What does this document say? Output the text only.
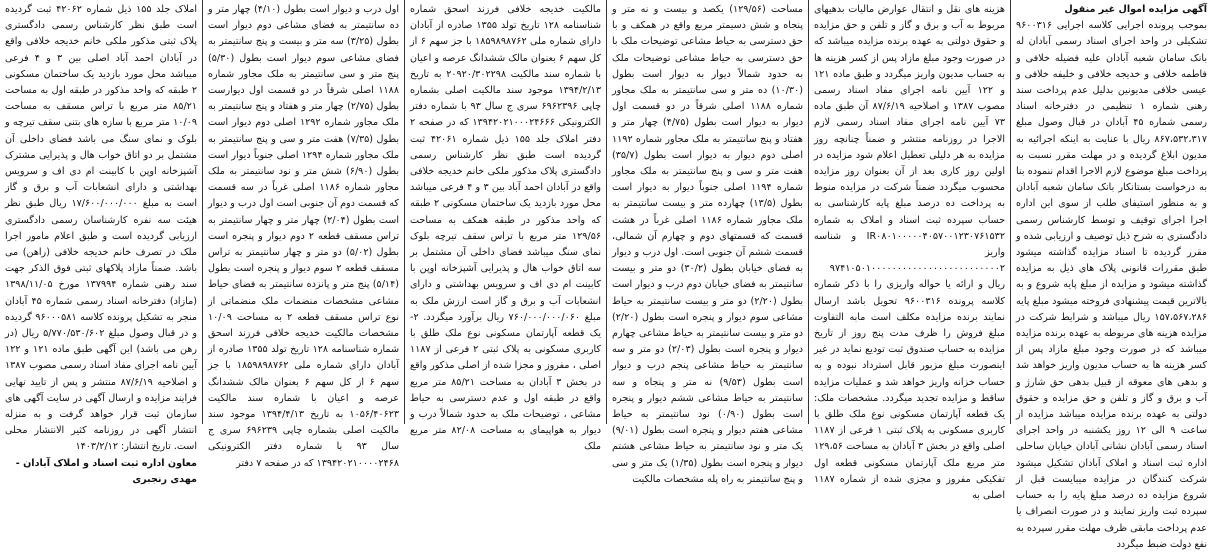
آگهی مزایده اموال غیر منقول
بموجب پرونده اجرایی کلاسه اجرایی ۹۶۰۰۳۱۶ تشکیلی در واحد اجرای اسناد رسمی آبادان له بانک سامان شعبه آبادان علیه فضیله خلافی و فاطمه خلافی و خدیجه خلافی و خلیفه خلافی و عیسی خلافی مدیونین بدلیل عدم پرداخت سند رهنی شماره ۱ تنظیمی در دفترخانه اسناد رسمی شماره ۴۵ آبادان در قبال وصول مبلغ ۸۶۷،۵۳۲،۳۱۷ ریال با عنایت به اینکه اجرائیه به مدیون ابلاغ گردیده و در مهلت مقرر نسبت به پرداخت مبلغ موضوع لازم الاجرا اقدام ننموده بنا به درخواست بستانکار بانک سامان شعبه آبادان و به منظور استیفای طلب از سوی این اداره اجرا اجرای توقیف و توسط کارشناس رسمی دادگستری به شرح ذیل توصیف و ارزیابی شده و مقرر گردیده تا اسناد مزایده گذاشته میشود طبق مقررات قانونی پلاک های ذیل به مزایده گذاشته میشود و مزایده از مبلغ پایه شروع و به بالاترین قیمت پیشنهادی فروخته میشود مبلغ پایه ۱۵۷،۵۶۷،۲۸۶ ریال میباشد و شرایط شرکت در مزایده هزینه های مربوطه به عهده برنده مزایده میباشد که در صورت وجود مبلغ مازاد پس از کسر هزینه ها به حساب مدیون واریز خواهد شد و بدهی های معوقه از قبیل بدهی حق شارژ و آب و برق و گاز و تلفن و حق مزایده و حقوق دولتی به عهده برنده مزایده میباشد مزایده از ساعت ۹ الی ۱۲ روز یکشنبه در واحد اجرای اسناد رسمی آبادان نشانی آبادان خیابان ساحلی اداره ثبت اسناد و املاک آبادان تشکیل میشود شرکت کنندگان در مزایده میبایست قبل از شروع مزایده ده درصد مبلغ پایه را به حساب سپرده ثبت واریز نمایند و در صورت انصراف یا عدم پرداخت مابقی ظرف مهلت مقرر سپرده به نفع دولت ضبط میگردد

هزینه های نقل و انتقال عوارض مالیات بدهیهای مربوط به آب و برق و گاز و تلفن و حق مزایده و حقوق دولتی به عهده برنده مزایده میباشد که در صورت وجود مبلغ مازاد پس از کسر هزینه ها به حساب مدیون واریز میگردد و طبق ماده ۱۲۱ و ۱۲۲ آیین نامه اجرای مفاد اسناد رسمی مصوب ۱۳۸۷ و اصلاحیه ۸۷/۶/۱۹ آن طبق ماده ۷۳ آیین نامه اجرای مفاد اسناد رسمی لازم الاجرا در روزنامه منتشر و ضمناً چنانچه روز مزایده به هر دلیلی تعطیل اعلام شود مزایده در اولین روز کاری بعد از آن بعنوان روز مزایده محسوب میگردد ضمناً شرکت در مزایده منوط به پرداخت ده درصد مبلغ پایه کارشناسی به حساب سپرده ثبت اسناد و املاک به شماره IR۰۸۰۱۰۰۰۰۰۴۰۵۷۰۰۱۲۳۰۷۶۱۵۳۲ و شناسه واریز ۹۷۴۱۰۵۰۱۰۰۰۰۰۰۰۰۰۰۰۰۰۰۰۰۰۰۰۰۰۰۰۰۰۲ ریال و ارائه یا حواله واریزی را با ذکر شماره کلاسه پرونده ۹۶۰۰۳۱۶ تحویل باشد ارسال نمایند برنده مزایده مکلف است مابه التفاوت مبلغ فروش را ظرف مدت پنج روز از تاریخ مزایده به حساب صندوق ثبت تودیع نماید در غیر اینصورت مبلغ مزبور قابل استرداد نبوده و به حساب خزانه واریز خواهد شد و عملیات مزایده ساقط و مزایده تجدید میگردد. مشخصات ملک: یک قطعه آپارتمان مسکونی نوع ملک طلق با کاربری مسکونی به پلاک ثبتی ۱ فرعی از ۱۱۸۷ اصلی واقع در بخش ۳ آبادان به مساحت ۱۲۹،۵۶ متر مربع ملک آپارتمان مسکونی قطعه اول تفکیکی مفروز و مجزی شده از شماره ۱۱۸۷ اصلی به

مساحت (۱۲۹/۵۶) یکصد و بیست و نه متر و پنجاه و شش دسیمتر مربع واقع در همکف و با حق دسترسی به حیاط مشاعی توضیحات ملک با حق دسترسی به حیاط مشاعی توضیحات ملک به حدود شمالاً دیوار به دیوار است بطول (۱۰/۳۰) ده متر و سی سانتیمتر به ملک مجاور شماره ۱۱۸۸ اصلی شرقاً در دو قسمت اول دیوار به دیوار است بطول (۴/۷۵) چهار متر و هفتاد و پنج سانتیمتر به ملک مجاور شماره ۱۱۹۲ اصلی دوم دیوار به دیوار است بطول (۳۵/۷) هفت متر و سی و پنج سانتیمتر به ملک مجاور شماره ۱۱۹۴ اصلی جنوباً دیوار به دیوار است بطول (۱۳/۵) چهارده متر و بیست سانتیمتر به ملک مجاور شماره ۱۱۸۶ اصلی غرباً در هشت قسمت که قسمتهای دوم و چهارم آن شمالی، قسمت ششم آن جنوبی است. اول درب و دیوار به فضای خیابان بطول (۳۰/۲) دو متر و بیست سانتیمتر به فضای خیابان دوم درب و دیوار است بطول (۲/۲۰) دو متر و بیست سانتیمتر به حیاط مشاعی سوم دیوار و پنجره است بطول (۲/۲۰) دو متر و بیست سانتیمتر به حیاط مشاعی چهارم دیوار و پنجره است بطول (۲/۰۳) دو متر و سه سانتیمتر به حیاط مشاعی پنجم درب و دیوار است بطول (۹/۵۳) نه متر و پنجاه و سه سانتیمتر به حیاط مشاعی ششم دیوار و پنجره است بطول (۰/۹۰) نود سانتیمتر به حیاط مشاعی هفتم دیوار و پنجره است بطول (۹/۰۱) یک متر و نود سانتیمتر به حیاط مشاعی هشتم دیوار و پنجره است بطول (۱/۳۵) یک متر و سی و پنج سانتیمتر به راه پله مشخصات مالکیت

مالکیت خدیجه خلافی فرزند اسحق شماره شناسنامه ۱۲۸ تاریخ تولد ۱۳۵۵ صادره از آبادان دارای شماره ملی ۱۸۵۹۸۹۸۷۶۲ با جز سهم ۶ از کل سهم ۶ بعنوان مالک ششدانگ عرصه و اعیان با شماره سند مالکیت ۲۰۹۲۰/۳۰۲۲۹۸ به تاریخ ۱۳۹۴/۲/۱۳ موجود سند مالکیت اصلی بشماره چاپی ۶۹۶۲۳۹۶ سری ج سال ۹۳ با شماره دفتر الکترونیکی ۱۳۹۴۲۰۲۱۰۰۰۲۴۶۶۶ که در صفحه ۲ دفتر املاک جلد ۱۵۵ ذیل شماره ۴۲۰۶۱ ثبت گردیده است طبق نظر کارشناس رسمی دادگستری پلاک مذکور ملکی خانم خدیجه خلافی واقع در آبادان احمد آباد بین ۳ و ۴ فرعی میباشد محل مورد بازدید یک ساختمان مسکونی ۲ طبقه که واحد مذکور در طبقه همکف به مساحت ۱۲۹/۵۶ متر مربع با تراس سقف تیرچه بلوک نمای سنگ میباشد فضای داخلی آن مشتمل بر سه اتاق خواب هال و پذیرایی آشپزخانه اوپن با کابینت ام دی اف و سرویس بهداشتی و دارای انشعابات آب و برق و گاز است ارزش ملک به مبلغ ۷۶۰/۰۰۰/۰۰۰/۰۶۰ ریال برآورد میگردد. ۲- یک قطعه آپارتمان مسکونی نوع ملک طلق با کاربری مسکونی به پلاک ثبتی ۲ فرعی از ۱۱۸۷ اصلی ، مفروز و مجزا شده از اصلی مذکور واقع در بخش ۳ آبادان به مساحت ۸۵/۲۱ متر مربع واقع در طبقه اول و عدم دسترسی به حیاط مشاعی ، توضیحات ملک به حدود شمالاً درب و دیوار به هواپیمای به مساحت ۸۲/۰۸ متر مربع ملک

اول درب و دیوار است بطول (۴/۱۰) چهار متر و ده سانتیمتر به فضای مشاعی دوم دیوار است بطول (۳/۲۵) سه متر و بیست و پنج سانتیمتر به فضای مشاعی سوم دیوار است بطول (۵/۳۰) پنج متر و سی سانتیمتر به ملک مجاور شماره ۱۱۸۸ اصلی شرقاً در دو قسمت اول دیوارست بطول (۲/۷۵) چهار متر و هفتاد و پنج سانتیمتر به ملک مجاور شماره ۱۲۹۲ اصلی دوم دیوار است بطول (۷/۳۵) هفت متر و سی و پنج سانتیمتر به ملک مجاور شماره ۱۲۹۴ اصلی جنوباً دیوار است بطول (۶/۹۰) شش متر و نود سانتیمتر به ملک مجاور شماره ۱۱۸۶ اصلی غرباً در سه قسمت که قسمت دوم آن جنوبی است اول درب و دیوار است بطول (۲/۰۴) چهار متر و چهار سانتیمتر به تراس مسقف قطعه ۲ دوم دیوار و پنجره است بطول (۵/۰۲) دو متر و چهار سانتیمتر به تراس مسقف قطعه ۲ سوم دیوار و پنجره است بطول (۵/۱۴) پنج متر و پانزده سانتیمتر به فضای حیاط مشاعی مشخصات منضمات ملک منضماتی از نوع تراس مسقف قطعه ۲ به مساحت ۱۰/۰۹ مشخصات مالکیت خدیجه خلافی فرزند اسحق شماره شناسنامه ۱۲۸ تاریخ تولد ۱۳۵۵ صادره از آبادان دارای شماره ملی ۱۸۵۹۸۹۸۷۶۲ با جز سهم ۶ از کل سهم ۶ بعنوان مالک ششدانگ عرصه و اعیان با شماره سند مالکیت ۱۰۵۶/۴۰۶۲۳ به تاریخ ۱۳۹۴/۴/۱۳ موجود سند مالکیت اصلی بشماره چاپی ۶۹۶۲۳۹ سری ج سال ۹۳ با شماره دفتر الکترونیکی ۱۳۹۴۲۰۲۱۰۰۰۰۲۴۶۸ که در صفحه ۷ دفتر

املاک جلد ۱۵۵ ذیل شماره ۴۲۰۶۲ ثبت گردیده است طبق نظر کارشناس رسمی دادگستری پلاک ثبتی مذکور ملکی خانم خدیجه خلافی واقع در آبادان احمد آباد اصلی بین ۳ و ۴ فرعی میباشد محل مورد بازدید یک ساختمان مسکونی ۲ طبقه که واحد مذکور در طبقه اول به مساحت ۸۵/۲۱ متر مربع با تراس مسقف به مساحت ۱۰/۰۹ متر مربع با سازه های بتنی سقف تیرچه و بلوک و نمای سنگ می باشد فضای داخلی آن مشتمل بر دو اتاق خواب هال و پذیرایی مشترک آشپزخانه اوپن با کابینت ام دی اف و سرویس بهداشتی و دارای انشعابات آب و برق و گاز است به مبلغ ۱۷/۶۰۰/۰۰۰/۰۰۰ ریال طبق نظر هیئت سه نفره کارشناسان رسمی دادگستری ارزیابی گردیده است و طبق اعلام مامور اجرا ملک در تصرف خانم خدیجه خلافی (راهن) می باشد. ضمناً مازاد پلاکهای ثبتی فوق الذکر جهت سند رهنی شماره ۱۳۷۹۹۴ مورخ ۱۳۹۸/۱۱/۰۵ (مازاد) دفترخانه اسناد رسمی شماره ۴۵ آبادان منجر به تشکیل پرونده کلاسه ۹۶۰۰۰۵۸۱ گردیده و در قبال وصول مبلغ ۵/۷۷۰/۵۳۰/۶۰۲ ریال (در رهن می باشد) این آگهی طبق ماده ۱۲۱ و ۱۲۲ آیین نامه اجرای مفاد اسناد رسمی مصوب ۱۳۸۷ و اصلاحیه ۸۷/۶/۱۹ منتشر و پس از تایید نهایی فرایند مزایده و ارسال آگهی در سایت آگهی های سازمان ثبت قرار خواهد گرفت و به منزله انتشار آگهی در روزنامه کثیر الانتشار محلی است. تاریخ انتشار: ۱۴۰۳/۲/۱۲
معاون اداره ثبت اسناد و املاک آبادان - مهدی رنجبری
